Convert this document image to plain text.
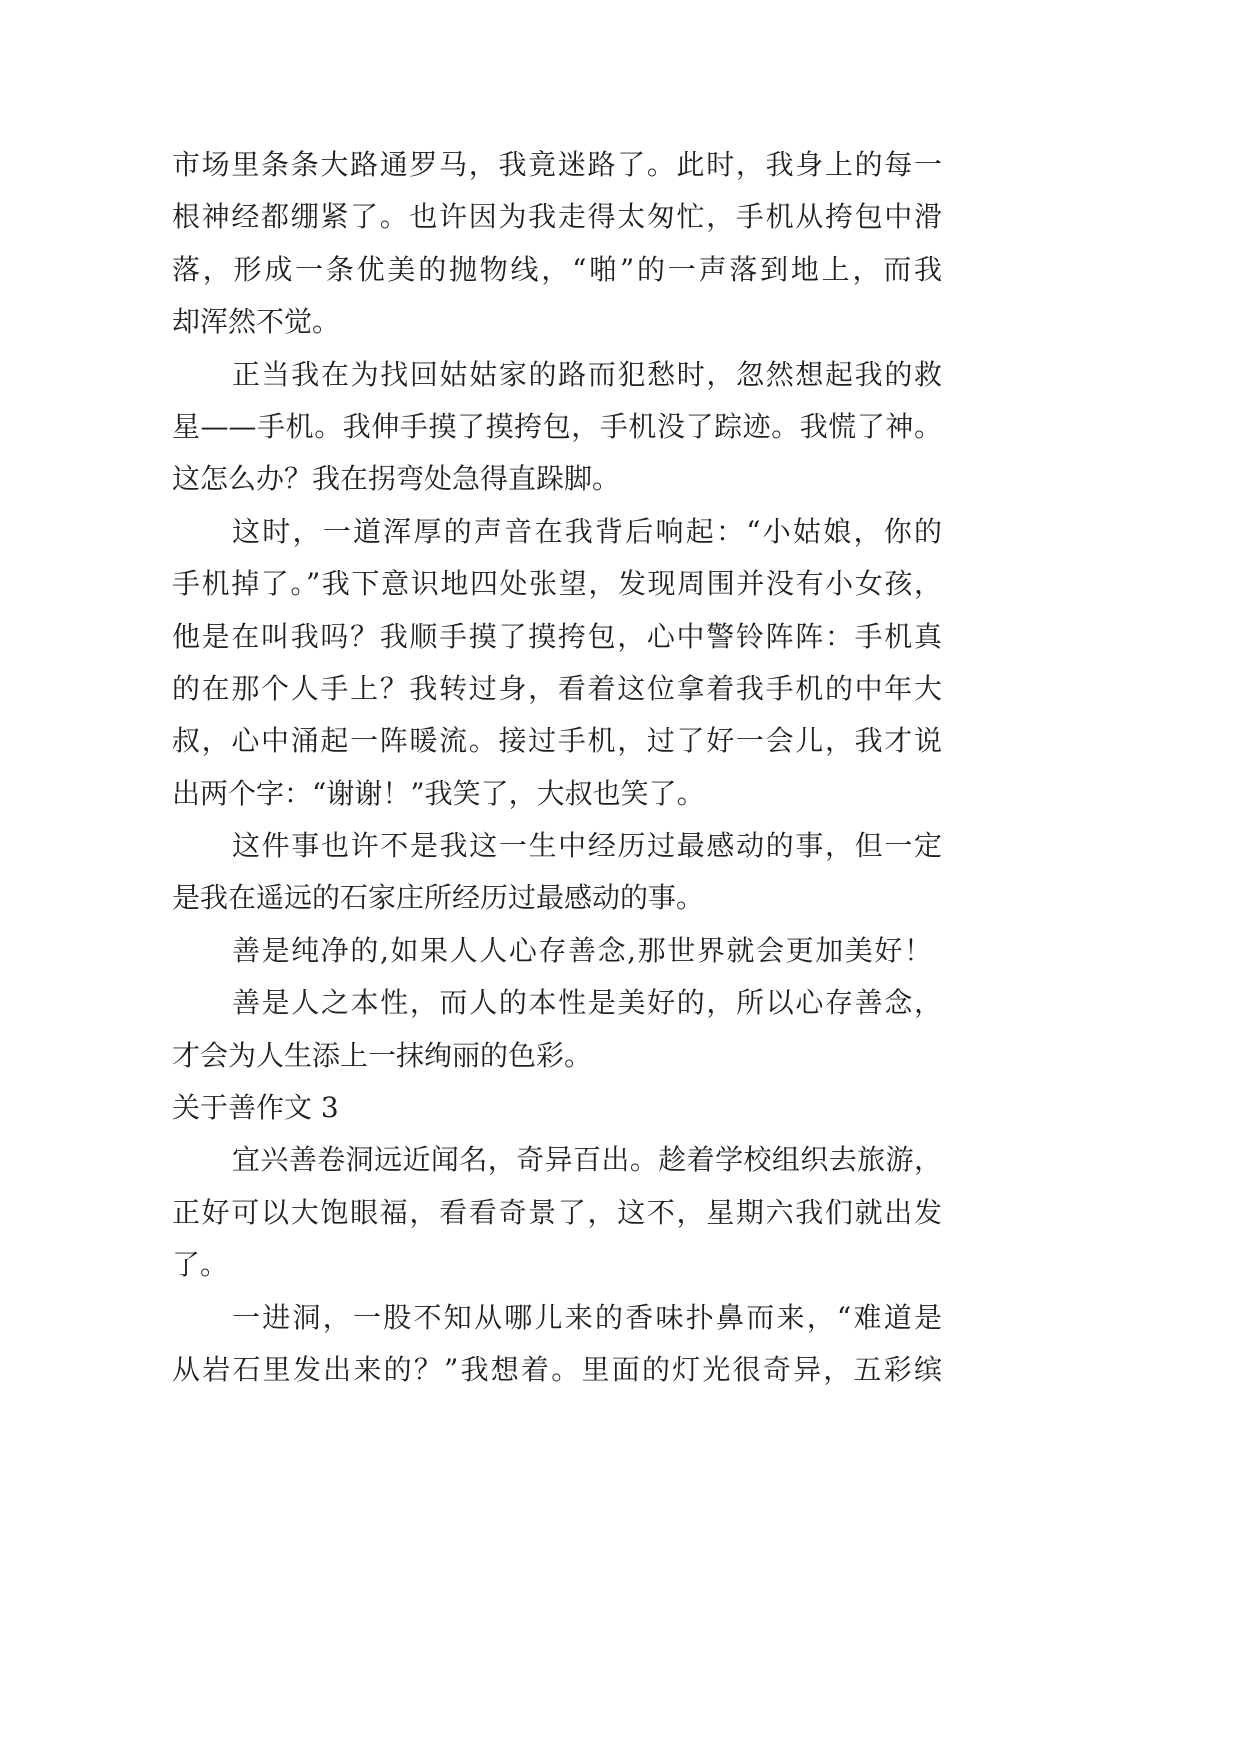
市场里条条大路通罗马，我竟迷路了。此时，我身上的每一
根神经都绷紧了。也许因为我走得太匆忙，手机从挎包中滑
落，形成一条优美的抛物线，“啪”的一声落到地上，而我
却浑然不觉。
正当我在为找回姑姑家的路而犯愁时，忽然想起我的救
星——手机。我伸手摸了摸挎包，手机没了踪迹。我慌了神。
这怎么办？我在拐弯处急得直跺脚。
这时，一道浑厚的声音在我背后响起：“小姑娘，你的
手机掉了。”我下意识地四处张望，发现周围并没有小女孩，
他是在叫我吗？我顺手摸了摸挎包，心中警铃阵阵：手机真
的在那个人手上？我转过身，看着这位拿着我手机的中年大
叔，心中涌起一阵暖流。接过手机，过了好一会儿，我才说
出两个字：“谢谢！”我笑了，大叔也笑了。
这件事也许不是我这一生中经历过最感动的事，但一定
是我在遥远的石家庄所经历过最感动的事。
善是纯净的,如果人人心存善念,那世界就会更加美好！
善是人之本性，而人的本性是美好的，所以心存善念，
才会为人生添上一抹绚丽的色彩。
关于善作文 3
宜兴善卷洞远近闻名，奇异百出。趁着学校组织去旅游，
正好可以大饱眼福，看看奇景了，这不，星期六我们就出发
了。
一进洞，一股不知从哪儿来的香味扑鼻而来，“难道是
从岩石里发出来的？”我想着。里面的灯光很奇异，五彩缤
